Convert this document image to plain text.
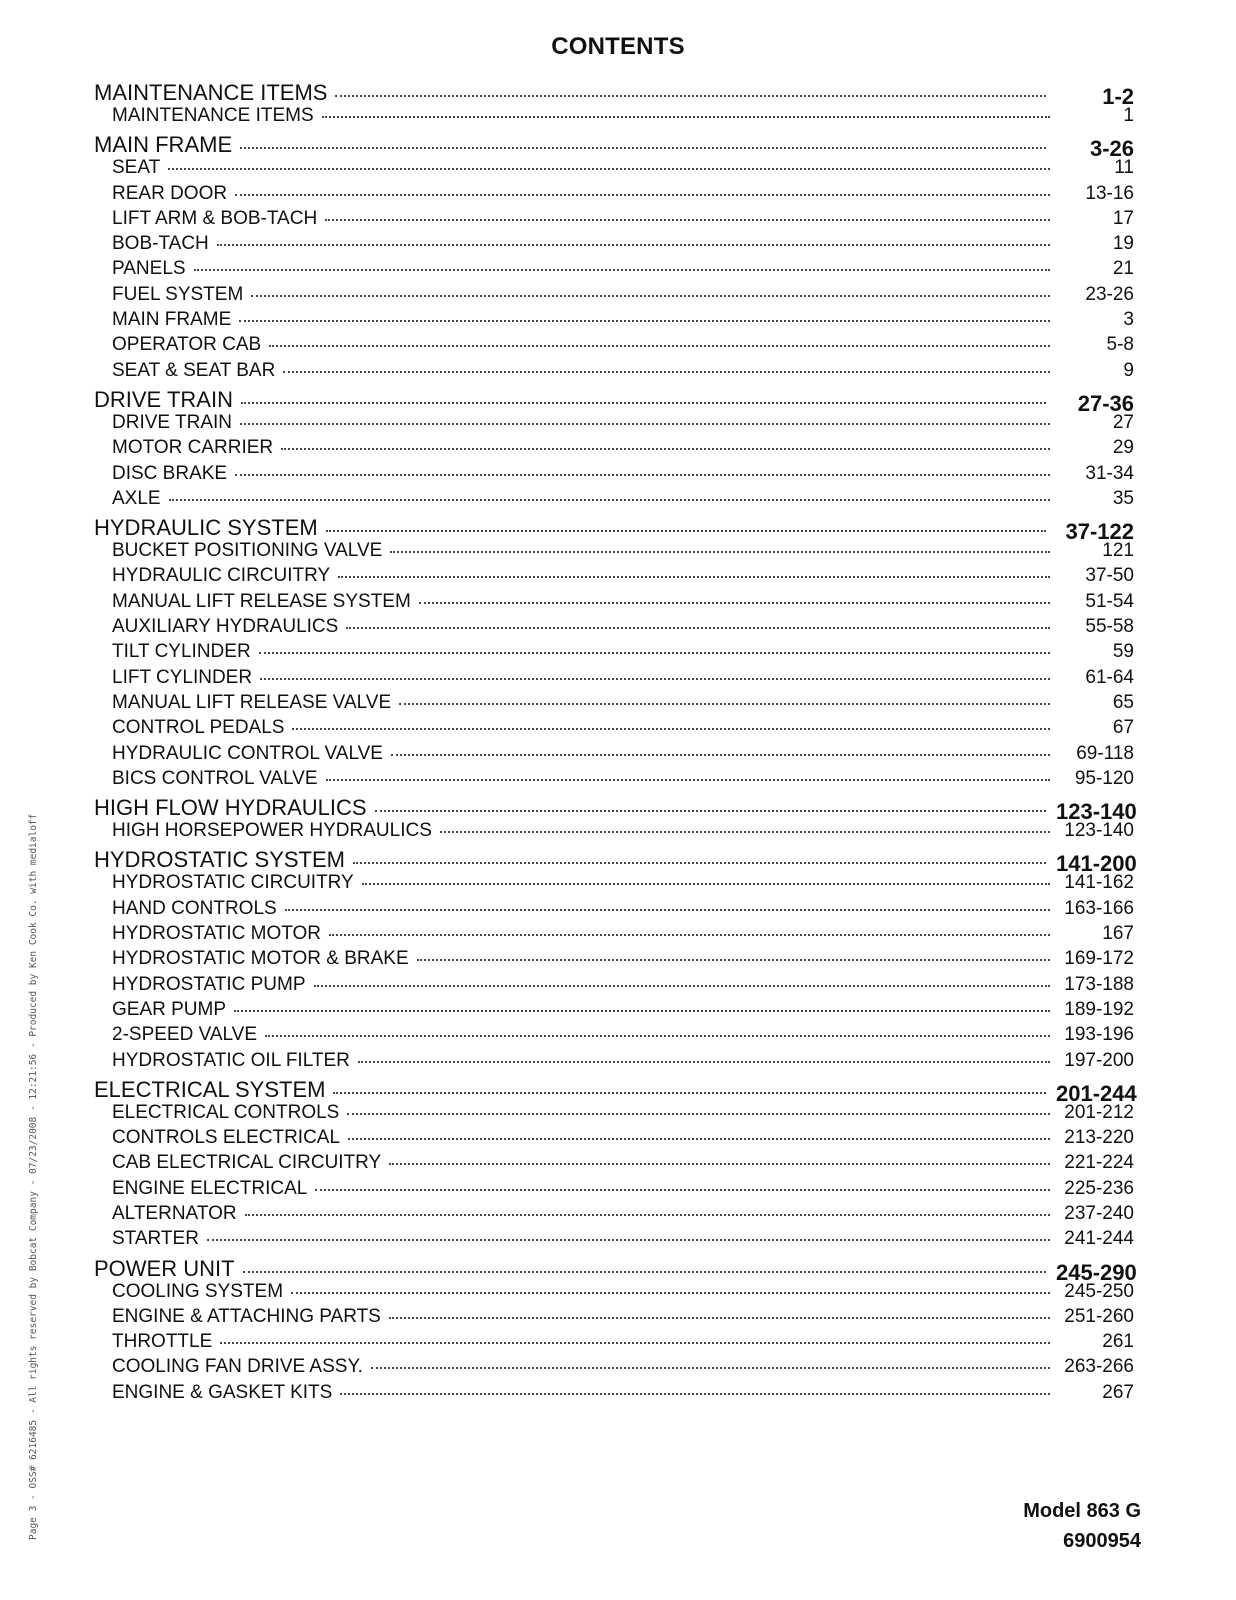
CONTENTS
MAINTENANCE ITEMS	1-2
MAINTENANCE ITEMS	1
MAIN FRAME	3-26
SEAT	11
REAR DOOR	13-16
LIFT ARM & BOB-TACH	17
BOB-TACH	19
PANELS	21
FUEL SYSTEM	23-26
MAIN FRAME	3
OPERATOR CAB	5-8
SEAT & SEAT BAR	9
DRIVE TRAIN	27-36
DRIVE TRAIN	27
MOTOR CARRIER	29
DISC BRAKE	31-34
AXLE	35
HYDRAULIC SYSTEM	37-122
BUCKET POSITIONING VALVE	121
HYDRAULIC CIRCUITRY	37-50
MANUAL LIFT RELEASE SYSTEM	51-54
AUXILIARY HYDRAULICS	55-58
TILT CYLINDER	59
LIFT CYLINDER	61-64
MANUAL LIFT RELEASE VALVE	65
CONTROL PEDALS	67
HYDRAULIC CONTROL VALVE	69-118
BICS CONTROL VALVE	95-120
HIGH FLOW HYDRAULICS	123-140
HIGH HORSEPOWER HYDRAULICS	123-140
HYDROSTATIC SYSTEM	141-200
HYDROSTATIC CIRCUITRY	141-162
HAND CONTROLS	163-166
HYDROSTATIC MOTOR	167
HYDROSTATIC MOTOR & BRAKE	169-172
HYDROSTATIC PUMP	173-188
GEAR PUMP	189-192
2-SPEED VALVE	193-196
HYDROSTATIC OIL FILTER	197-200
ELECTRICAL SYSTEM	201-244
ELECTRICAL CONTROLS	201-212
CONTROLS ELECTRICAL	213-220
CAB ELECTRICAL CIRCUITRY	221-224
ENGINE ELECTRICAL	225-236
ALTERNATOR	237-240
STARTER	241-244
POWER UNIT	245-290
COOLING SYSTEM	245-250
ENGINE & ATTACHING PARTS	251-260
THROTTLE	261
COOLING FAN DRIVE ASSY.	263-266
ENGINE & GASKET KITS	267
Page 3 - OSS# 6216485 - All rights reserved by Bobcat Company - 07/23/2008 - 12:21:56 - Produced by Ken Cook Co. with medialoff	Model 863 G
6900954
